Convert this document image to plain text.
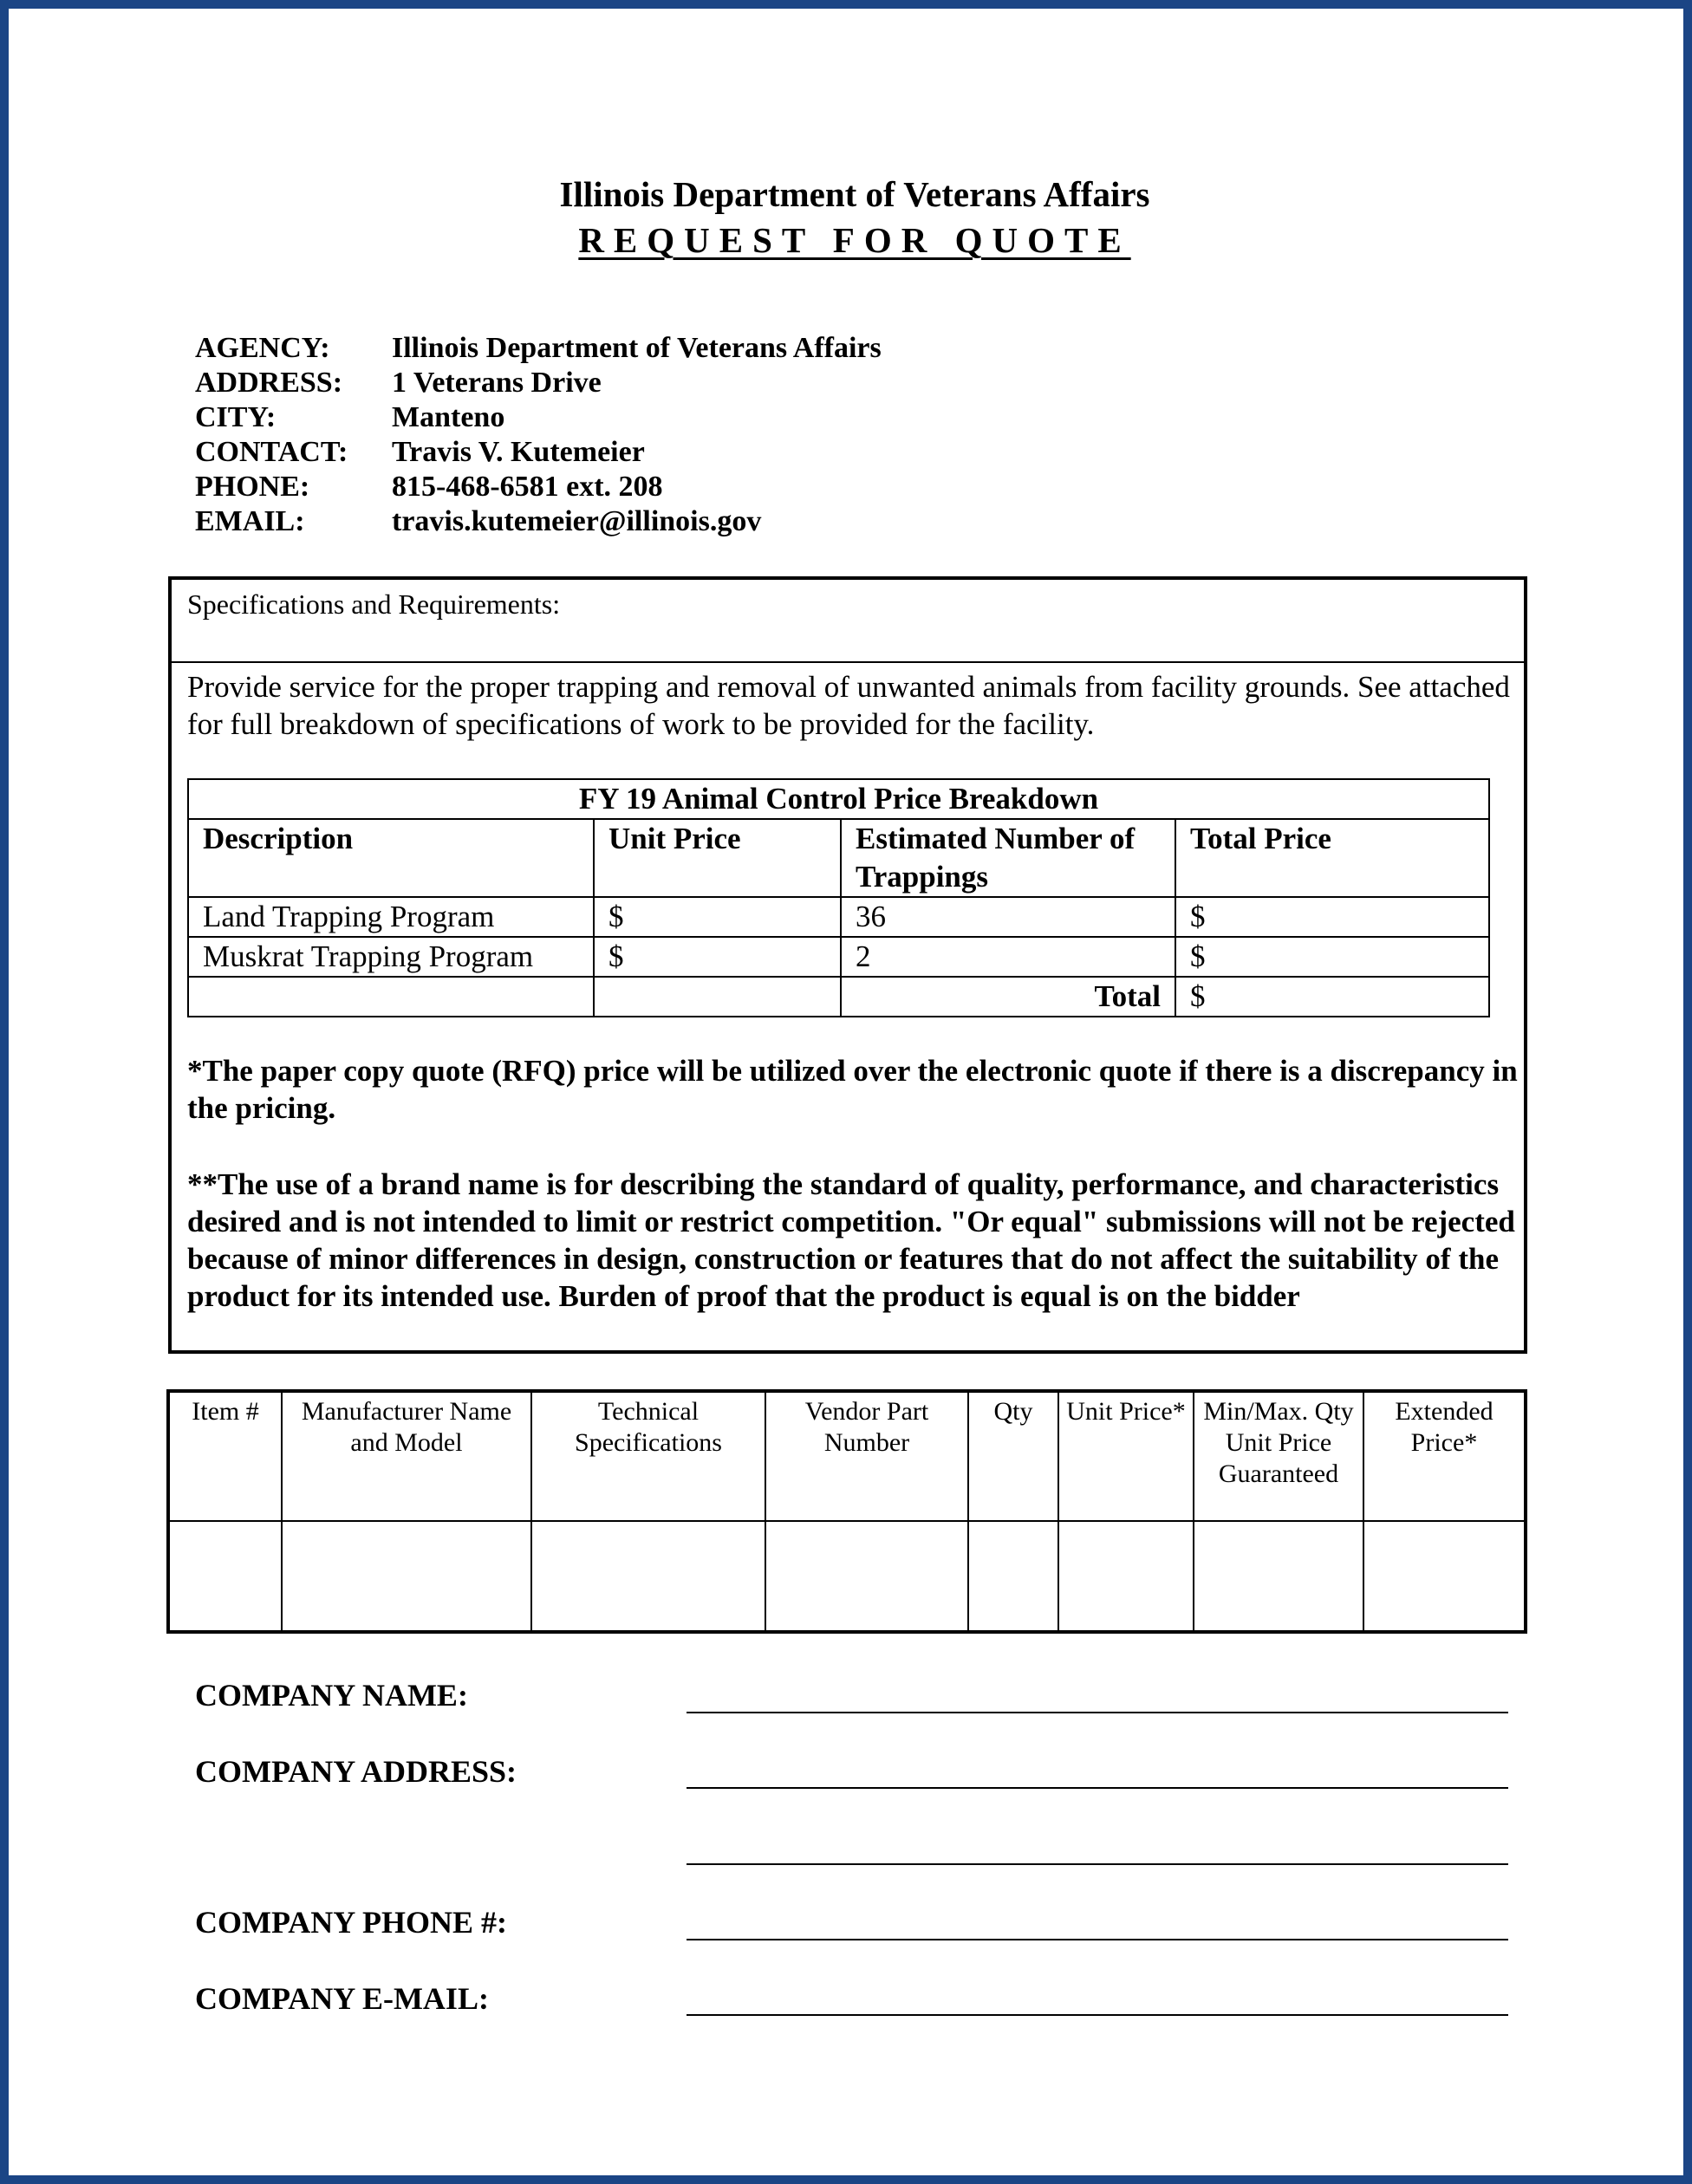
Illinois Department of Veterans Affairs
REQUEST FOR QUOTE
AGENCY:	Illinois Department of Veterans Affairs
ADDRESS:	1 Veterans Drive
CITY:	Manteno
CONTACT:	Travis V. Kutemeier
PHONE:	815-468-6581 ext. 208
EMAIL:	travis.kutemeier@illinois.gov
Specifications and Requirements:
Provide service for the proper trapping and removal of unwanted animals from facility grounds. See attached for full breakdown of specifications of work to be provided for the facility.
FY 19 Animal Control Price Breakdown			
Description	Unit Price	Estimated Number of Trappings	Total Price
Land Trapping Program	$	36	$
Muskrat Trapping Program	$	2	$
		Total	$
*The paper copy quote (RFQ) price will be utilized over the electronic quote if there is a discrepancy in the pricing.
**The use of a brand name is for describing the standard of quality, performance, and characteristics desired and is not intended to limit or restrict competition. "Or equal" submissions will not be rejected because of minor differences in design, construction or features that do not affect the suitability of the product for its intended use. Burden of proof that the product is equal is on the bidder
Item #	Manufacturer Name and Model	Technical Specifications	Vendor Part Number	Qty	Unit Price*	Min/Max. Qty Unit Price Guaranteed	Extended Price*

COMPANY NAME:
COMPANY ADDRESS:
COMPANY PHONE #:
COMPANY E-MAIL:
